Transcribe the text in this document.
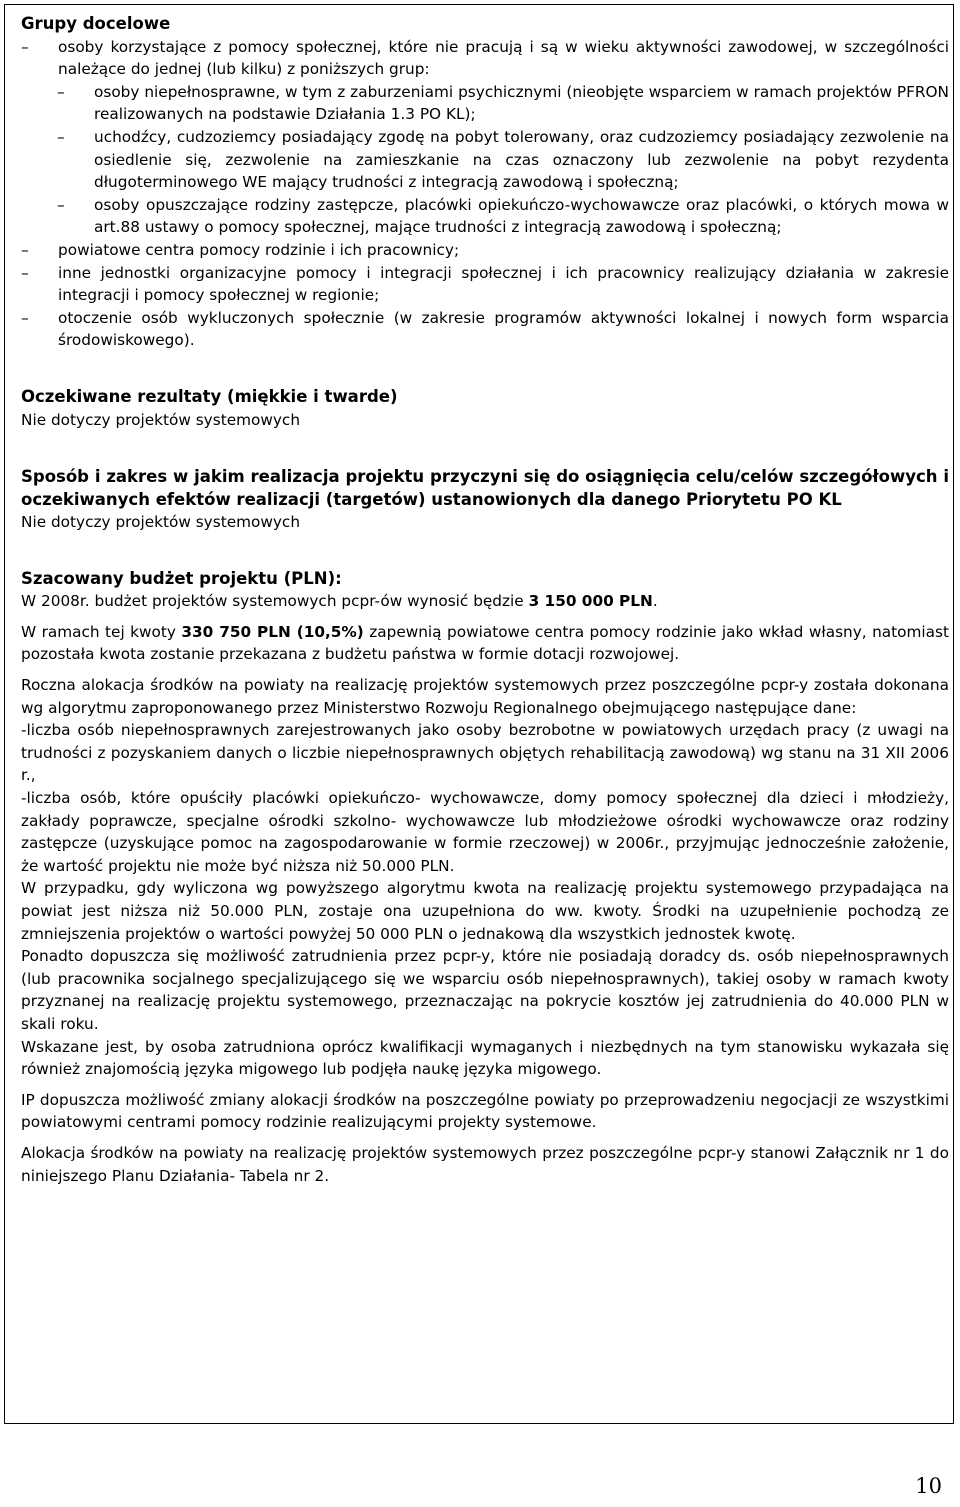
Grupy docelowe

–	osoby korzystające z pomocy społecznej, które nie pracują i są w wieku aktywności zawodowej, w szczególności należące do jednej (lub kilku) z poniższych grup:
– osoby niepełnosprawne, w tym z zaburzeniami psychicznymi (nieobjęte wsparciem w ramach projektów PFRON realizowanych na podstawie Działania 1.3 PO KL);
– uchodźcy, cudzoziemcy posiadający zgodę na pobyt tolerowany, oraz cudzoziemcy posiadający zezwolenie na osiedlenie się, zezwolenie na zamieszkanie na czas oznaczony lub zezwolenie na pobyt rezydenta długoterminowego WE mający trudności z integracją zawodową i społeczną;
– osoby opuszczające rodziny zastępcze, placówki opiekuńczo-wychowawcze oraz placówki, o których mowa w art.88 ustawy o pomocy społecznej, mające trudności z integracją zawodową i społeczną;
– powiatowe centra pomocy rodzinie i ich pracownicy;
– inne jednostki organizacyjne pomocy i integracji społecznej i ich pracownicy realizujący działania w zakresie integracji i pomocy społecznej w regionie;
– otoczenie osób wykluczonych społecznie (w zakresie programów aktywności lokalnej i nowych form wsparcia środowiskowego).

Oczekiwane rezultaty (miękkie i twarde)

Nie dotyczy projektów systemowych

Sposób i zakres w jakim realizacja projektu przyczyni się do osiągnięcia celu/celów szczegółowych i oczekiwanych efektów realizacji (targetów) ustanowionych dla danego Priorytetu PO KL

Nie dotyczy projektów systemowych

Szacowany budżet projektu (PLN):

W 2008r. budżet projektów systemowych pcpr-ów wynosić będzie 3 150 000 PLN.

W ramach tej kwoty 330 750 PLN (10,5%) zapewnią powiatowe centra pomocy rodzinie jako wkład własny, natomiast pozostała kwota zostanie przekazana z budżetu państwa w formie dotacji rozwojowej.

Roczna alokacja środków na powiaty na realizację projektów systemowych przez poszczególne pcpr-y została dokonana wg algorytmu zaproponowanego przez Ministerstwo Rozwoju Regionalnego obejmującego następujące dane:

-liczba osób niepełnosprawnych zarejestrowanych jako osoby bezrobotne w powiatowych urzędach pracy (z uwagi na trudności z pozyskaniem danych o liczbie niepełnosprawnych objętych rehabilitacją zawodową) wg stanu na 31 XII 2006 r.,

-liczba osób, które opuściły placówki opiekuńczo- wychowawcze, domy pomocy społecznej dla dzieci i młodzieży, zakłady poprawcze, specjalne ośrodki szkolno- wychowawcze lub młodzieżowe ośrodki wychowawcze oraz rodziny zastępcze (uzyskujące pomoc na zagospodarowanie w formie rzeczowej) w 2006r., przyjmując jednocześnie założenie, że wartość projektu nie może być niższa niż 50.000 PLN.

W przypadku, gdy wyliczona wg powyższego algorytmu kwota na realizację projektu systemowego przypadająca na powiat jest niższa niż 50.000 PLN, zostaje ona uzupełniona do ww. kwoty. Środki na uzupełnienie pochodzą ze zmniejszenia projektów o wartości powyżej 50 000 PLN o jednakową dla wszystkich jednostek kwotę.

Ponadto dopuszcza się możliwość zatrudnienia przez pcpr-y, które nie posiadają doradcy ds. osób niepełnosprawnych (lub pracownika socjalnego specjalizującego się we wsparciu osób niepełnosprawnych), takiej osoby w ramach kwoty przyznanej na realizację projektu systemowego, przeznaczając na pokrycie kosztów jej zatrudnienia do 40.000 PLN w skali roku.

Wskazane jest, by osoba zatrudniona oprócz kwalifikacji wymaganych i niezbędnych na tym stanowisku wykazała się również znajomością języka migowego lub podjęła naukę języka migowego.

IP dopuszcza możliwość zmiany alokacji środków na poszczególne powiaty po przeprowadzeniu negocjacji ze wszystkimi powiatowymi centrami pomocy rodzinie realizującymi projekty systemowe.

Alokacja środków na powiaty na realizację projektów systemowych przez poszczególne pcpr-y stanowi Załącznik nr 1 do niniejszego Planu Działania- Tabela nr 2.

10
